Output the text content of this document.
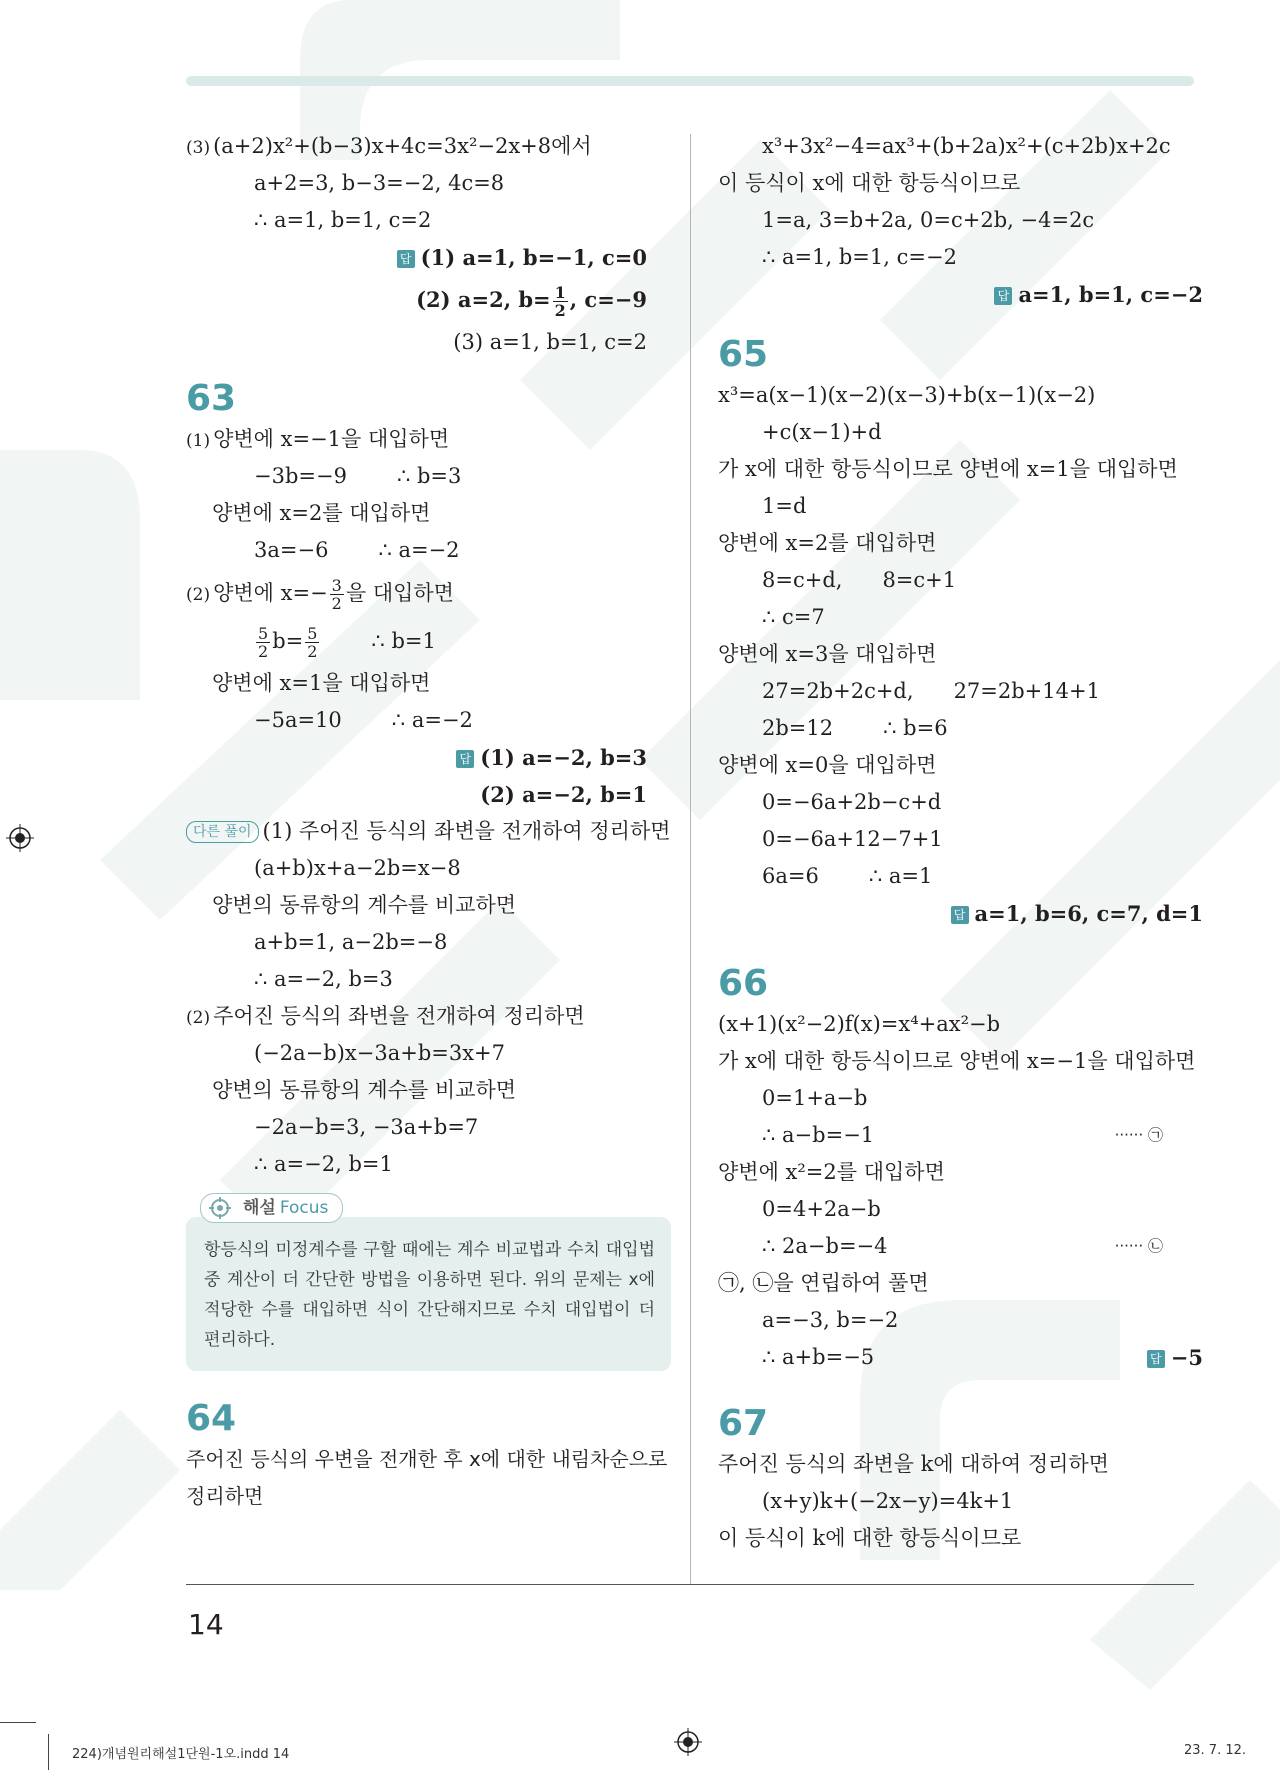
(3) (a+2)x²+(b−3)x+4c=3x²−2x+8에서
a+2=3, b−3=−2, 4c=8
∴ a=1, b=1, c=2
답 (1) a=1, b=−1, c=0
(2) a=2, $b= \frac{1}{2}$ , c=−9
(3) a=1, b=1, c=2
63
(1) 양변에 x=−1을 대입하면
−3b=−9 ∴ b=3
양변에 x=2를 대입하면
3a=−6 ∴ a=−2
(2) 양변에 $x=- \frac{3}{2}$ 을 대입하면
$\frac{5}{2} b= \frac{5}{2}$ ∴ b=1
양변에 x=1을 대입하면
−5a=10 ∴ a=−2
답 (1) a=−2, b=3
(2) a=−2, b=1
다른 풀이 (1) 주어진 등식의 좌변을 전개하여 정리하면
(a+b)x+a−2b=x−8
양변의 동류항의 계수를 비교하면
a+b=1, a−2b=−8
∴ a=−2, b=3
(2) 주어진 등식의 좌변을 전개하여 정리하면
(−2a−b)x−3a+b=3x+7
양변의 동류항의 계수를 비교하면
−2a−b=3, −3a+b=7
∴ a=−2, b=1
해설 Focus
항등식의 미정계수를 구할 때에는 계수 비교법과 수치 대입법 중 계산이 더 간단한 방법을 이용하면 된다. 위의 문제는 x에 적당한 수를 대입하면 식이 간단해지므로 수치 대입법이 더 편리하다.
64
주어진 등식의 우변을 전개한 후 x에 대한 내림차순으로 정리하면
x³+3x²−4=ax³+(b+2a)x²+(c+2b)x+2c
이 등식이 x에 대한 항등식이므로
1=a, 3=b+2a, 0=c+2b, −4=2c
∴ a=1, b=1, c=−2
답 a=1, b=1, c=−2
65
x³=a(x−1)(x−2)(x−3)+b(x−1)(x−2)
+c(x−1)+d
가 x에 대한 항등식이므로 양변에 x=1을 대입하면
1=d
양변에 x=2를 대입하면
8=c+d, 8=c+1
∴ c=7
양변에 x=3을 대입하면
27=2b+2c+d, 27=2b+14+1
2b=12 ∴ b=6
양변에 x=0을 대입하면
0=−6a+2b−c+d
0=−6a+12−7+1
6a=6 ∴ a=1
답 a=1, b=6, c=7, d=1
66
(x+1)(x²−2)f(x)=x⁴+ax²−b
가 x에 대한 항등식이므로 양변에 x=−1을 대입하면
0=1+a−b
∴ a−b=−1	······ ㉠
양변에 x²=2를 대입하면
0=4+2a−b
∴ 2a−b=−4	······ ㉡
㉠, ㉡을 연립하여 풀면
a=−3, b=−2
∴ a+b=−5	답 −5
67
주어진 등식의 좌변을 k에 대하여 정리하면
(x+y)k+(−2x−y)=4k+1
이 등식이 k에 대한 항등식이므로
14
224)개념원리해설1단원-1오.indd 14	23. 7. 12.
